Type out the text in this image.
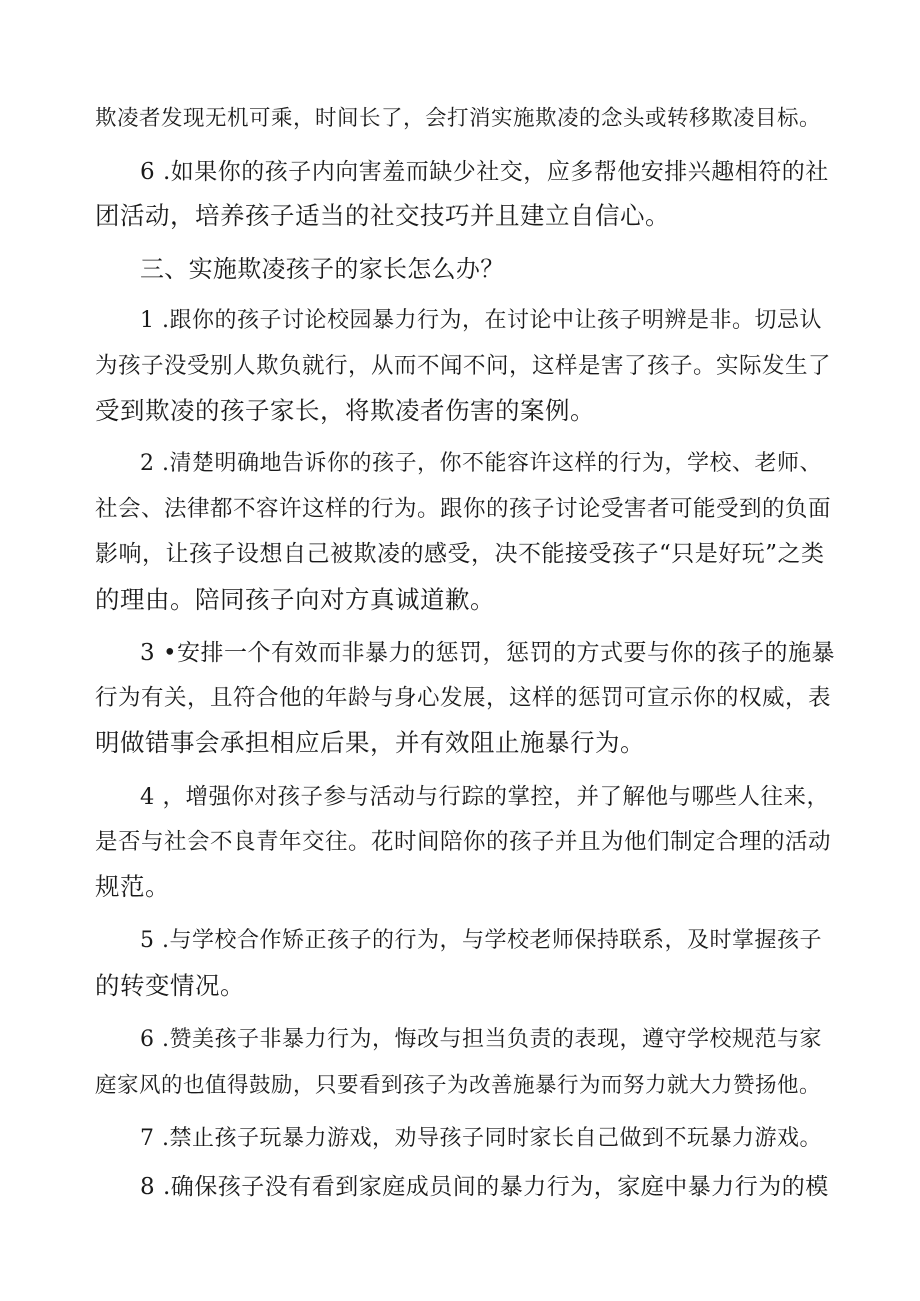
欺凌者发现无机可乘，时间长了，会打消实施欺凌的念头或转移欺凌目标。
6 .如果你的孩子内向害羞而缺少社交，应多帮他安排兴趣相符的社
团活动，培养孩子适当的社交技巧并且建立自信心。
三、实施欺凌孩子的家长怎么办？
1 .跟你的孩子讨论校园暴力行为，在讨论中让孩子明辨是非。切忌认
为孩子没受别人欺负就行，从而不闻不问，这样是害了孩子。实际发生了
受到欺凌的孩子家长，将欺凌者伤害的案例。
2 .清楚明确地告诉你的孩子，你不能容许这样的行为，学校、老师、
社会、法律都不容许这样的行为。跟你的孩子讨论受害者可能受到的负面
影响，让孩子设想自己被欺凌的感受，决不能接受孩子“只是好玩”之类
的理由。陪同孩子向对方真诚道歉。
3 •安排一个有效而非暴力的惩罚，惩罚的方式要与你的孩子的施暴
行为有关，且符合他的年龄与身心发展，这样的惩罚可宣示你的权威，表
明做错事会承担相应后果，并有效阻止施暴行为。
4 ，增强你对孩子参与活动与行踪的掌控，并了解他与哪些人往来，
是否与社会不良青年交往。花时间陪你的孩子并且为他们制定合理的活动
规范。
5 .与学校合作矫正孩子的行为，与学校老师保持联系，及时掌握孩子
的转变情况。
6 .赞美孩子非暴力行为，悔改与担当负责的表现，遵守学校规范与家
庭家风的也值得鼓励，只要看到孩子为改善施暴行为而努力就大力赞扬他。
7 .禁止孩子玩暴力游戏，劝导孩子同时家长自己做到不玩暴力游戏。
8 .确保孩子没有看到家庭成员间的暴力行为，家庭中暴力行为的模
